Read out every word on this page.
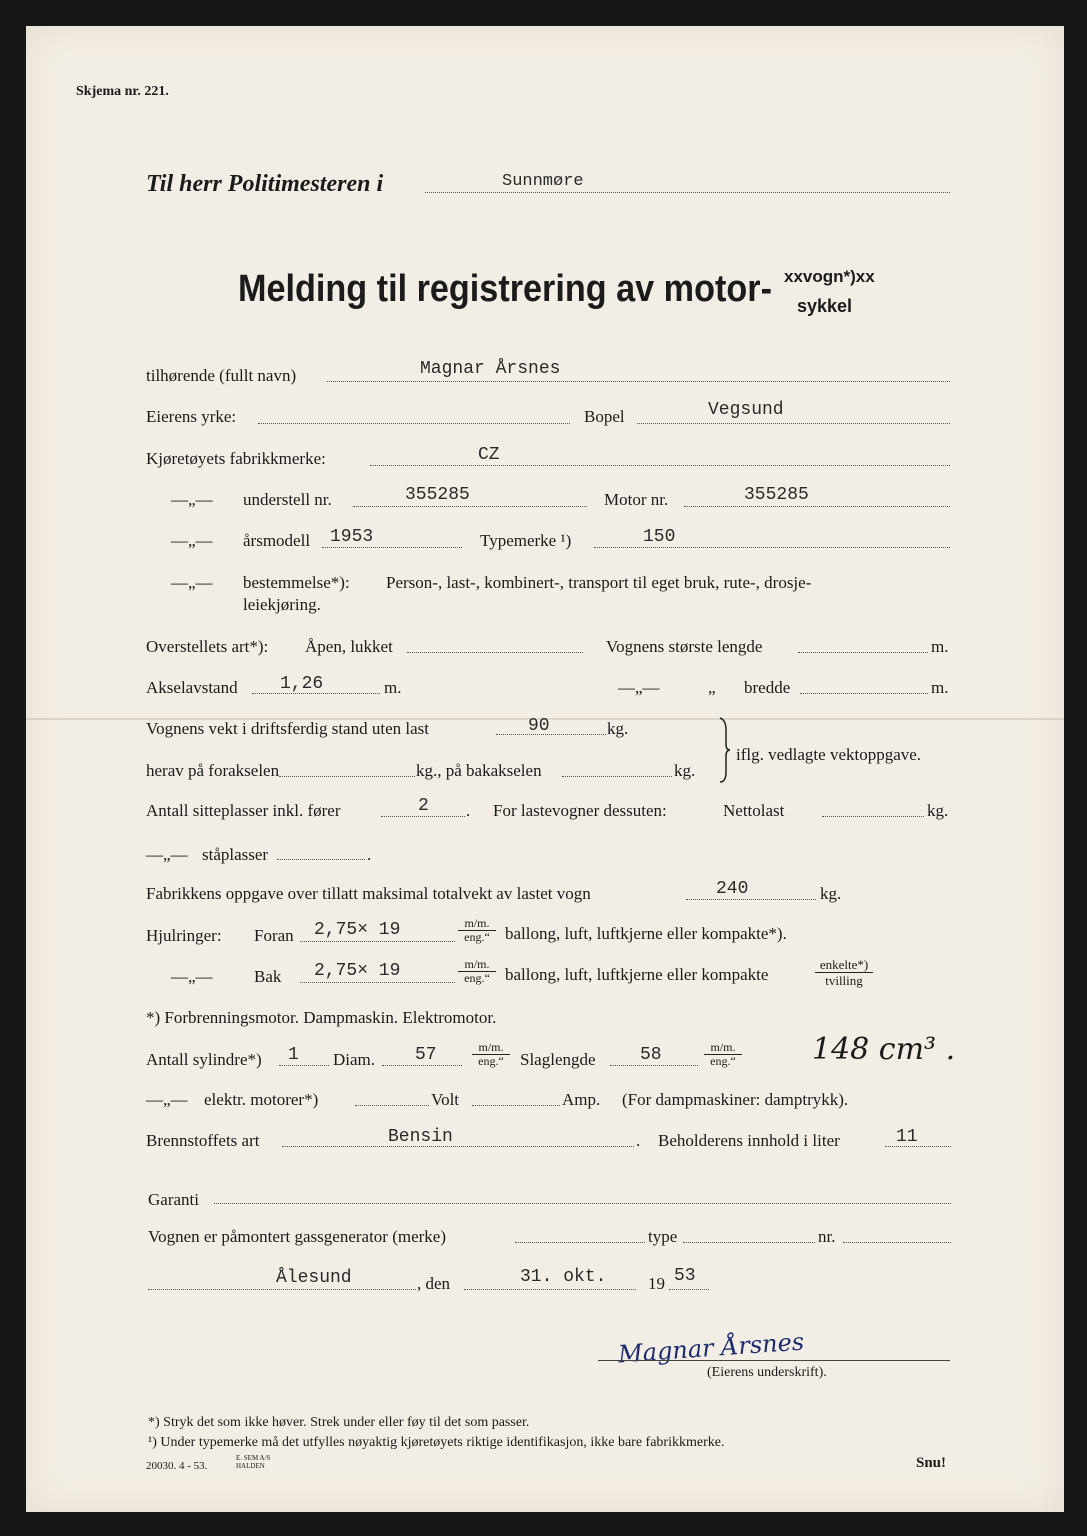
Skjema nr. 221.
Til herr Politimesteren i	Sunnmøre
Melding til registrering av motor- xxvogn*)xx
sykkel
tilhørende (fullt navn)	Magnar Årsnes
Eierens yrke:	Bopel	Vegsund
Kjøretøyets fabrikkmerke:	CZ
—„— understell nr.	355285	Motor nr.	355285
—„— årsmodell 1953	Typemerke ¹)	150
—„— bestemmelse*): Person-, last-, kombinert-, transport til eget bruk, rute-, drosje-
leiekjøring.
Overstellets art*): Åpen, lukket	Vognens største lengde	m.
Akselavstand 1,26	m.	—„—	„ bredde	m.
Vognens vekt i driftsferdig stand uten last	90	kg.
herav på forakselen	kg., på bakakselen	kg.
iflg. vedlagte vektoppgave.
Antall sitteplasser inkl. fører	2 . For lastevogner dessuten:	Nettolast	kg.
—„— ståplasser	.
Fabrikkens oppgave over tillatt maksimal totalvekt av lastet vogn	240	kg.
Hjulringer: Foran 2,75× 19	m/m.
eng.“ ballong, luft, luftkjerne eller kompakte*).
—„— Bak 2,75× 19	m/m.
eng.“ ballong, luft, luftkjerne eller kompakte
enkelte*)
tvilling
*) Forbrenningsmotor. Dampmaskin. Elektromotor.
Antall sylindre*) 1 Diam. 57	m/m.
eng.“ Slaglengde 58	m/m.
eng.“	148 cm³ .
—„— elektr. motorer*)	Volt	Amp. (For dampmaskiner: damptrykk).
Brennstoffets art	Bensin	. Beholderens innhold i liter	11
Garanti
Vognen er påmontert gassgenerator (merke)	type	nr.
Ålesund	, den	31. okt. 19 53
Magnar Årsnes
(Eierens underskrift).
*) Stryk det som ikke høver. Strek under eller føy til det som passer.
¹) Under typemerke må det utfylles nøyaktig kjøretøyets riktige identifikasjon, ikke bare fabrikkmerke.
20030. 4 - 53.
E. SEM A/S HALDEN	Snu!
